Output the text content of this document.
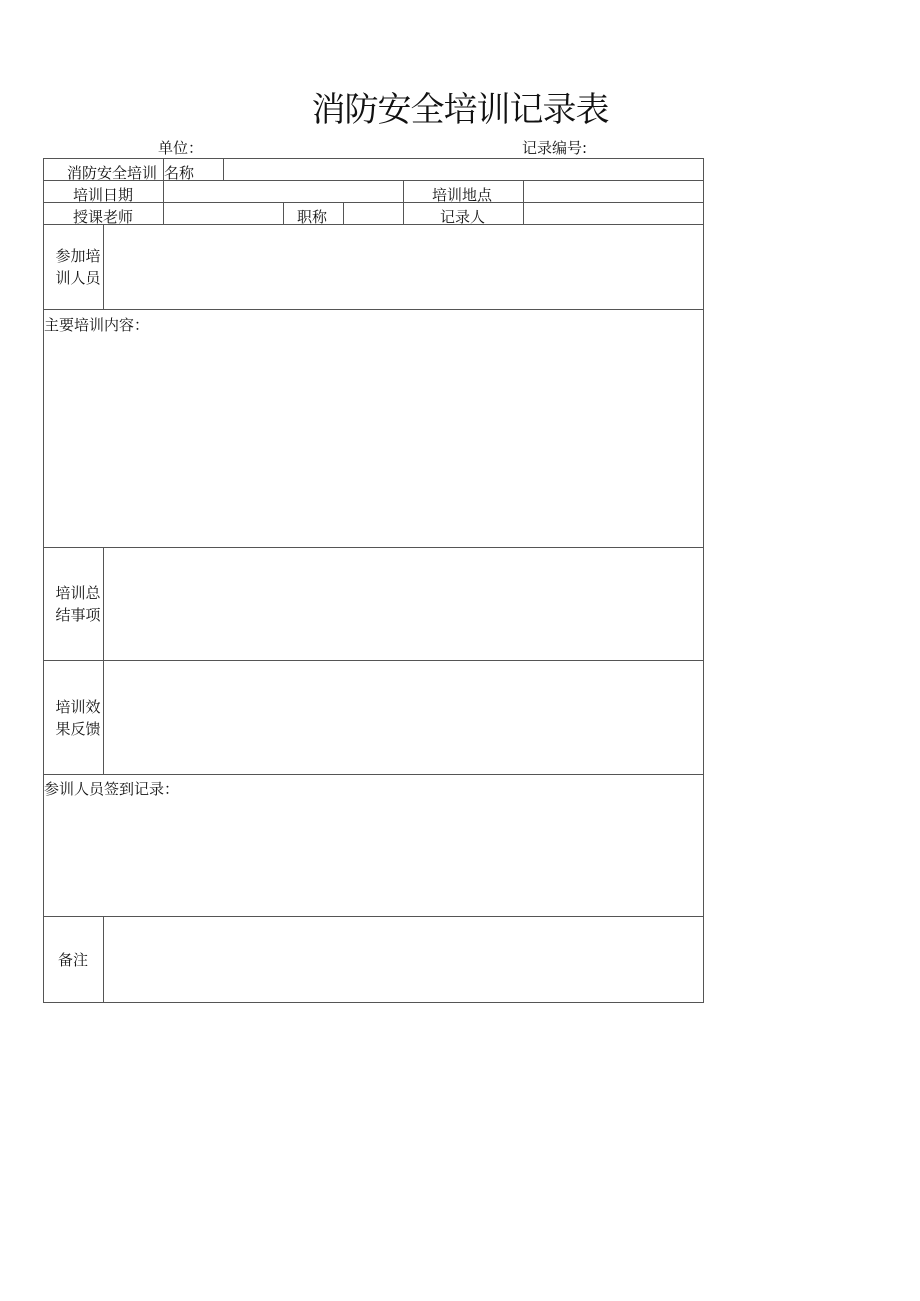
消防安全培训记录表
单位：	记录编号:
消防安全培训 名称
培训日期	培训地点
授课老师	职称	记录人
参加培
训人员
主要培训内容：
培训总
结事项
培训效
果反馈
参训人员签到记录：
备注
